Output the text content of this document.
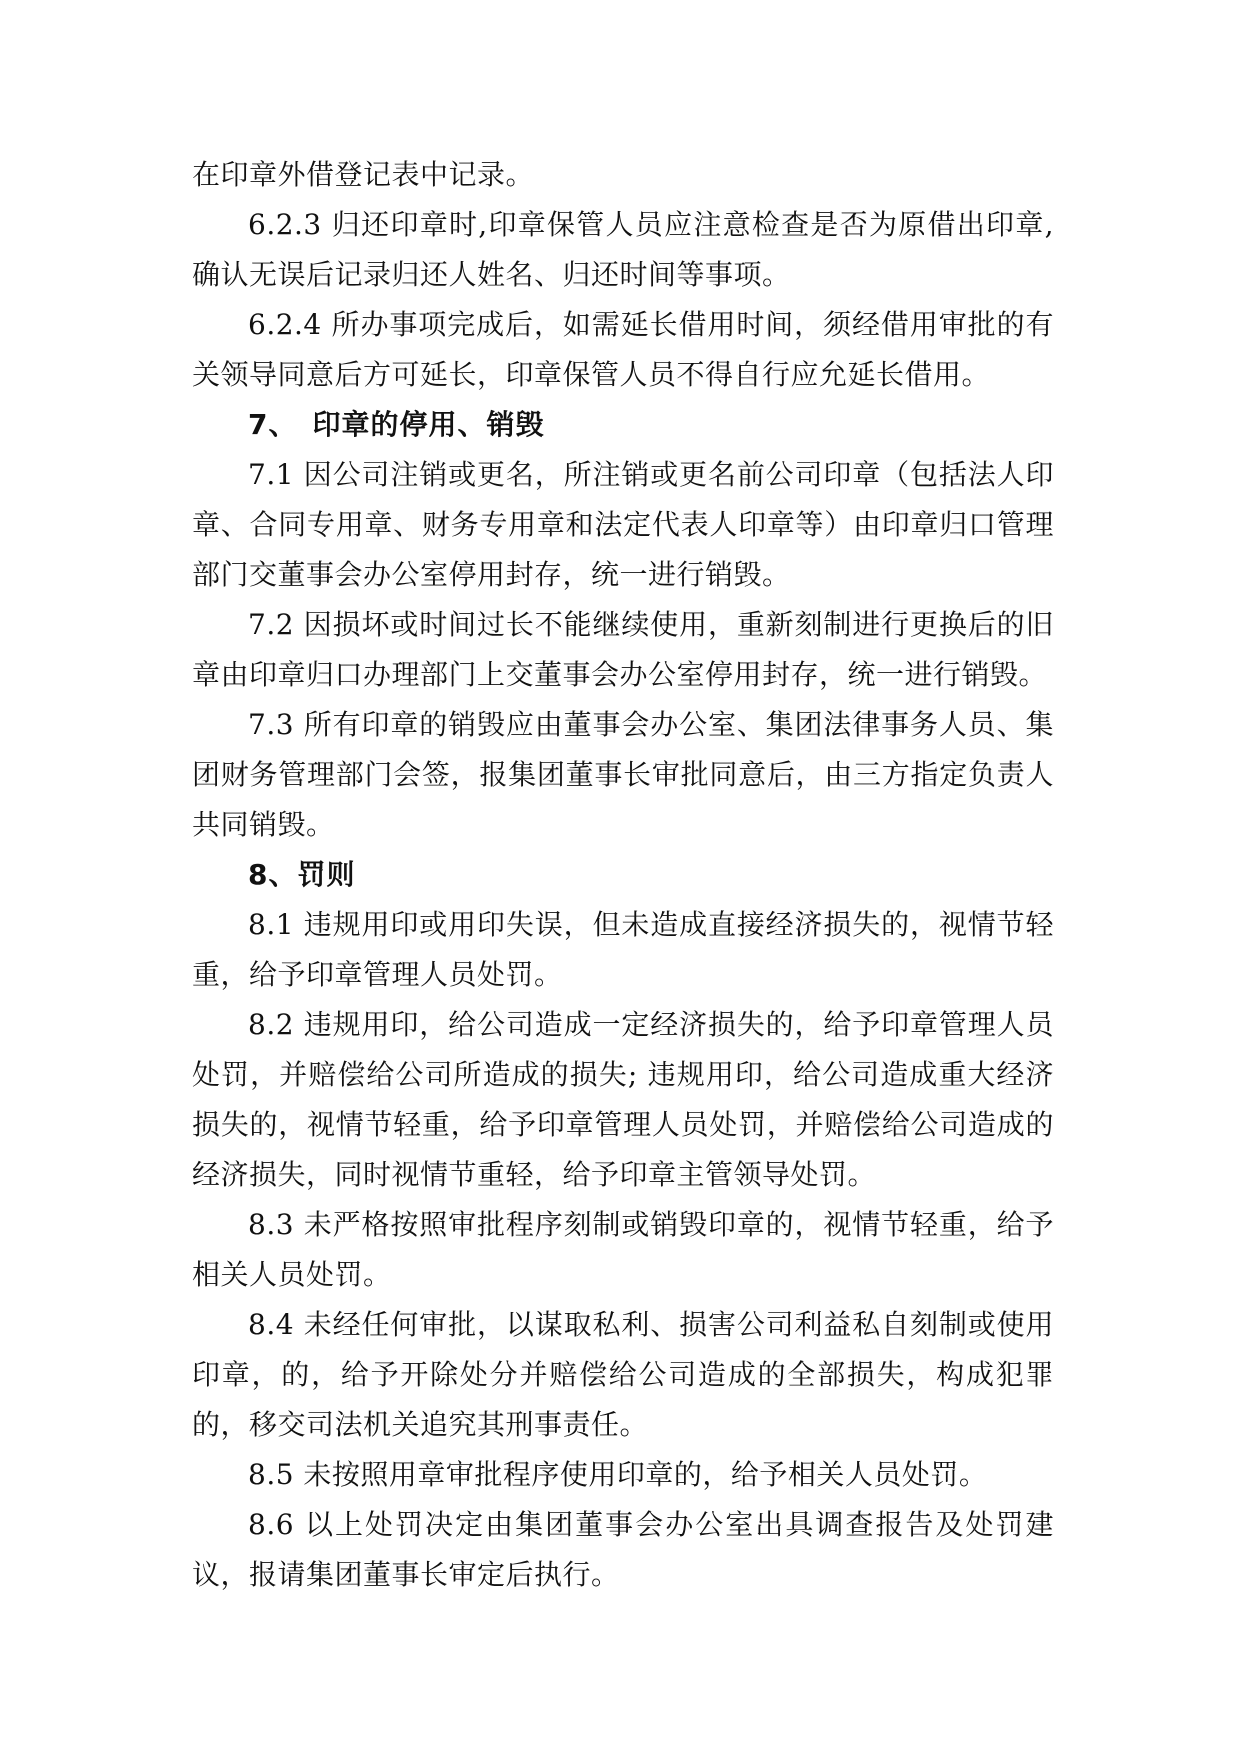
在印章外借登记表中记录。

6.2.3 归还印章时,印章保管人员应注意检查是否为原借出印章,确认无误后记录归还人姓名、归还时间等事项。

6.2.4 所办事项完成后，如需延长借用时间，须经借用审批的有关领导同意后方可延长，印章保管人员不得自行应允延长借用。

7、　印章的停用、销毁

7.1 因公司注销或更名，所注销或更名前公司印章（包括法人印章、合同专用章、财务专用章和法定代表人印章等）由印章归口管理部门交董事会办公室停用封存，统一进行销毁。

7.2 因损坏或时间过长不能继续使用，重新刻制进行更换后的旧章由印章归口办理部门上交董事会办公室停用封存，统一进行销毁。

7.3 所有印章的销毁应由董事会办公室、集团法律事务人员、集团财务管理部门会签，报集团董事长审批同意后，由三方指定负责人共同销毁。

8、罚则

8.1 违规用印或用印失误，但未造成直接经济损失的，视情节轻重，给予印章管理人员处罚。

8.2 违规用印，给公司造成一定经济损失的，给予印章管理人员处罚，并赔偿给公司所造成的损失; 违规用印，给公司造成重大经济损失的，视情节轻重，给予印章管理人员处罚，并赔偿给公司造成的经济损失，同时视情节重轻，给予印章主管领导处罚。

8.3 未严格按照审批程序刻制或销毁印章的，视情节轻重，给予相关人员处罚。

8.4 未经任何审批，以谋取私利、损害公司利益私自刻制或使用印章，的，给予开除处分并赔偿给公司造成的全部损失，构成犯罪的，移交司法机关追究其刑事责任。

8.5 未按照用章审批程序使用印章的，给予相关人员处罚。

8.6 以上处罚决定由集团董事会办公室出具调查报告及处罚建议，报请集团董事长审定后执行。
